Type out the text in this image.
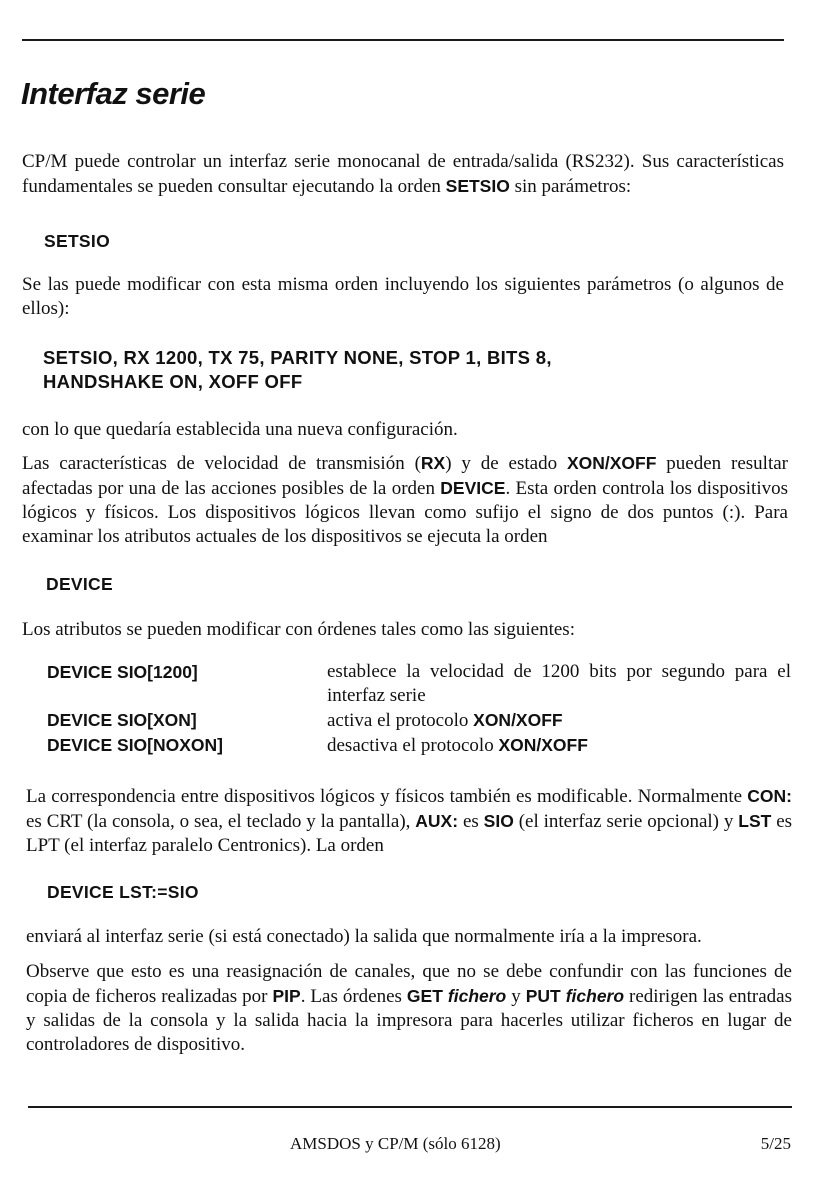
Interfaz serie

CP/M puede controlar un interfaz serie monocanal de entrada/salida (RS232). Sus características fundamentales se pueden consultar ejecutando la orden SETSIO sin parámetros:

SETSIO

Se las puede modificar con esta misma orden incluyendo los siguientes parámetros (o algunos de ellos):

SETSIO, RX 1200, TX 75, PARITY NONE, STOP 1, BITS 8,

HANDSHAKE ON, XOFF OFF

con lo que quedaría establecida una nueva configuración.

Las características de velocidad de transmisión (RX) y de estado XON/XOFF pueden resultar afectadas por una de las acciones posibles de la orden DEVICE. Esta orden controla los dispositivos lógicos y físicos. Los dispositivos lógicos llevan como sufijo el signo de dos puntos (:). Para examinar los atributos actuales de los dispositivos se ejecuta la orden

DEVICE

Los atributos se pueden modificar con órdenes tales como las siguientes:

DEVICE SIO[1200]	establece la velocidad de 1200 bits por segundo para el interfaz serie
DEVICE SIO[XON]	activa el protocolo XON/XOFF
DEVICE SIO[NOXON]	desactiva el protocolo XON/XOFF

La correspondencia entre dispositivos lógicos y físicos también es modificable. Normalmente CON: es CRT (la consola, o sea, el teclado y la pantalla), AUX: es SIO (el interfaz serie opcional) y LST es LPT (el interfaz paralelo Centronics). La orden

DEVICE LST:=SIO

enviará al interfaz serie (si está conectado) la salida que normalmente iría a la impresora.

Observe que esto es una reasignación de canales, que no se debe confundir con las funciones de copia de ficheros realizadas por PIP. Las órdenes GET fichero y PUT fichero redirigen las entradas y salidas de la consola y la salida hacia la impresora para hacerles utilizar ficheros en lugar de controladores de dispositivo.

AMSDOS y CP/M (sólo 6128)	5/25
